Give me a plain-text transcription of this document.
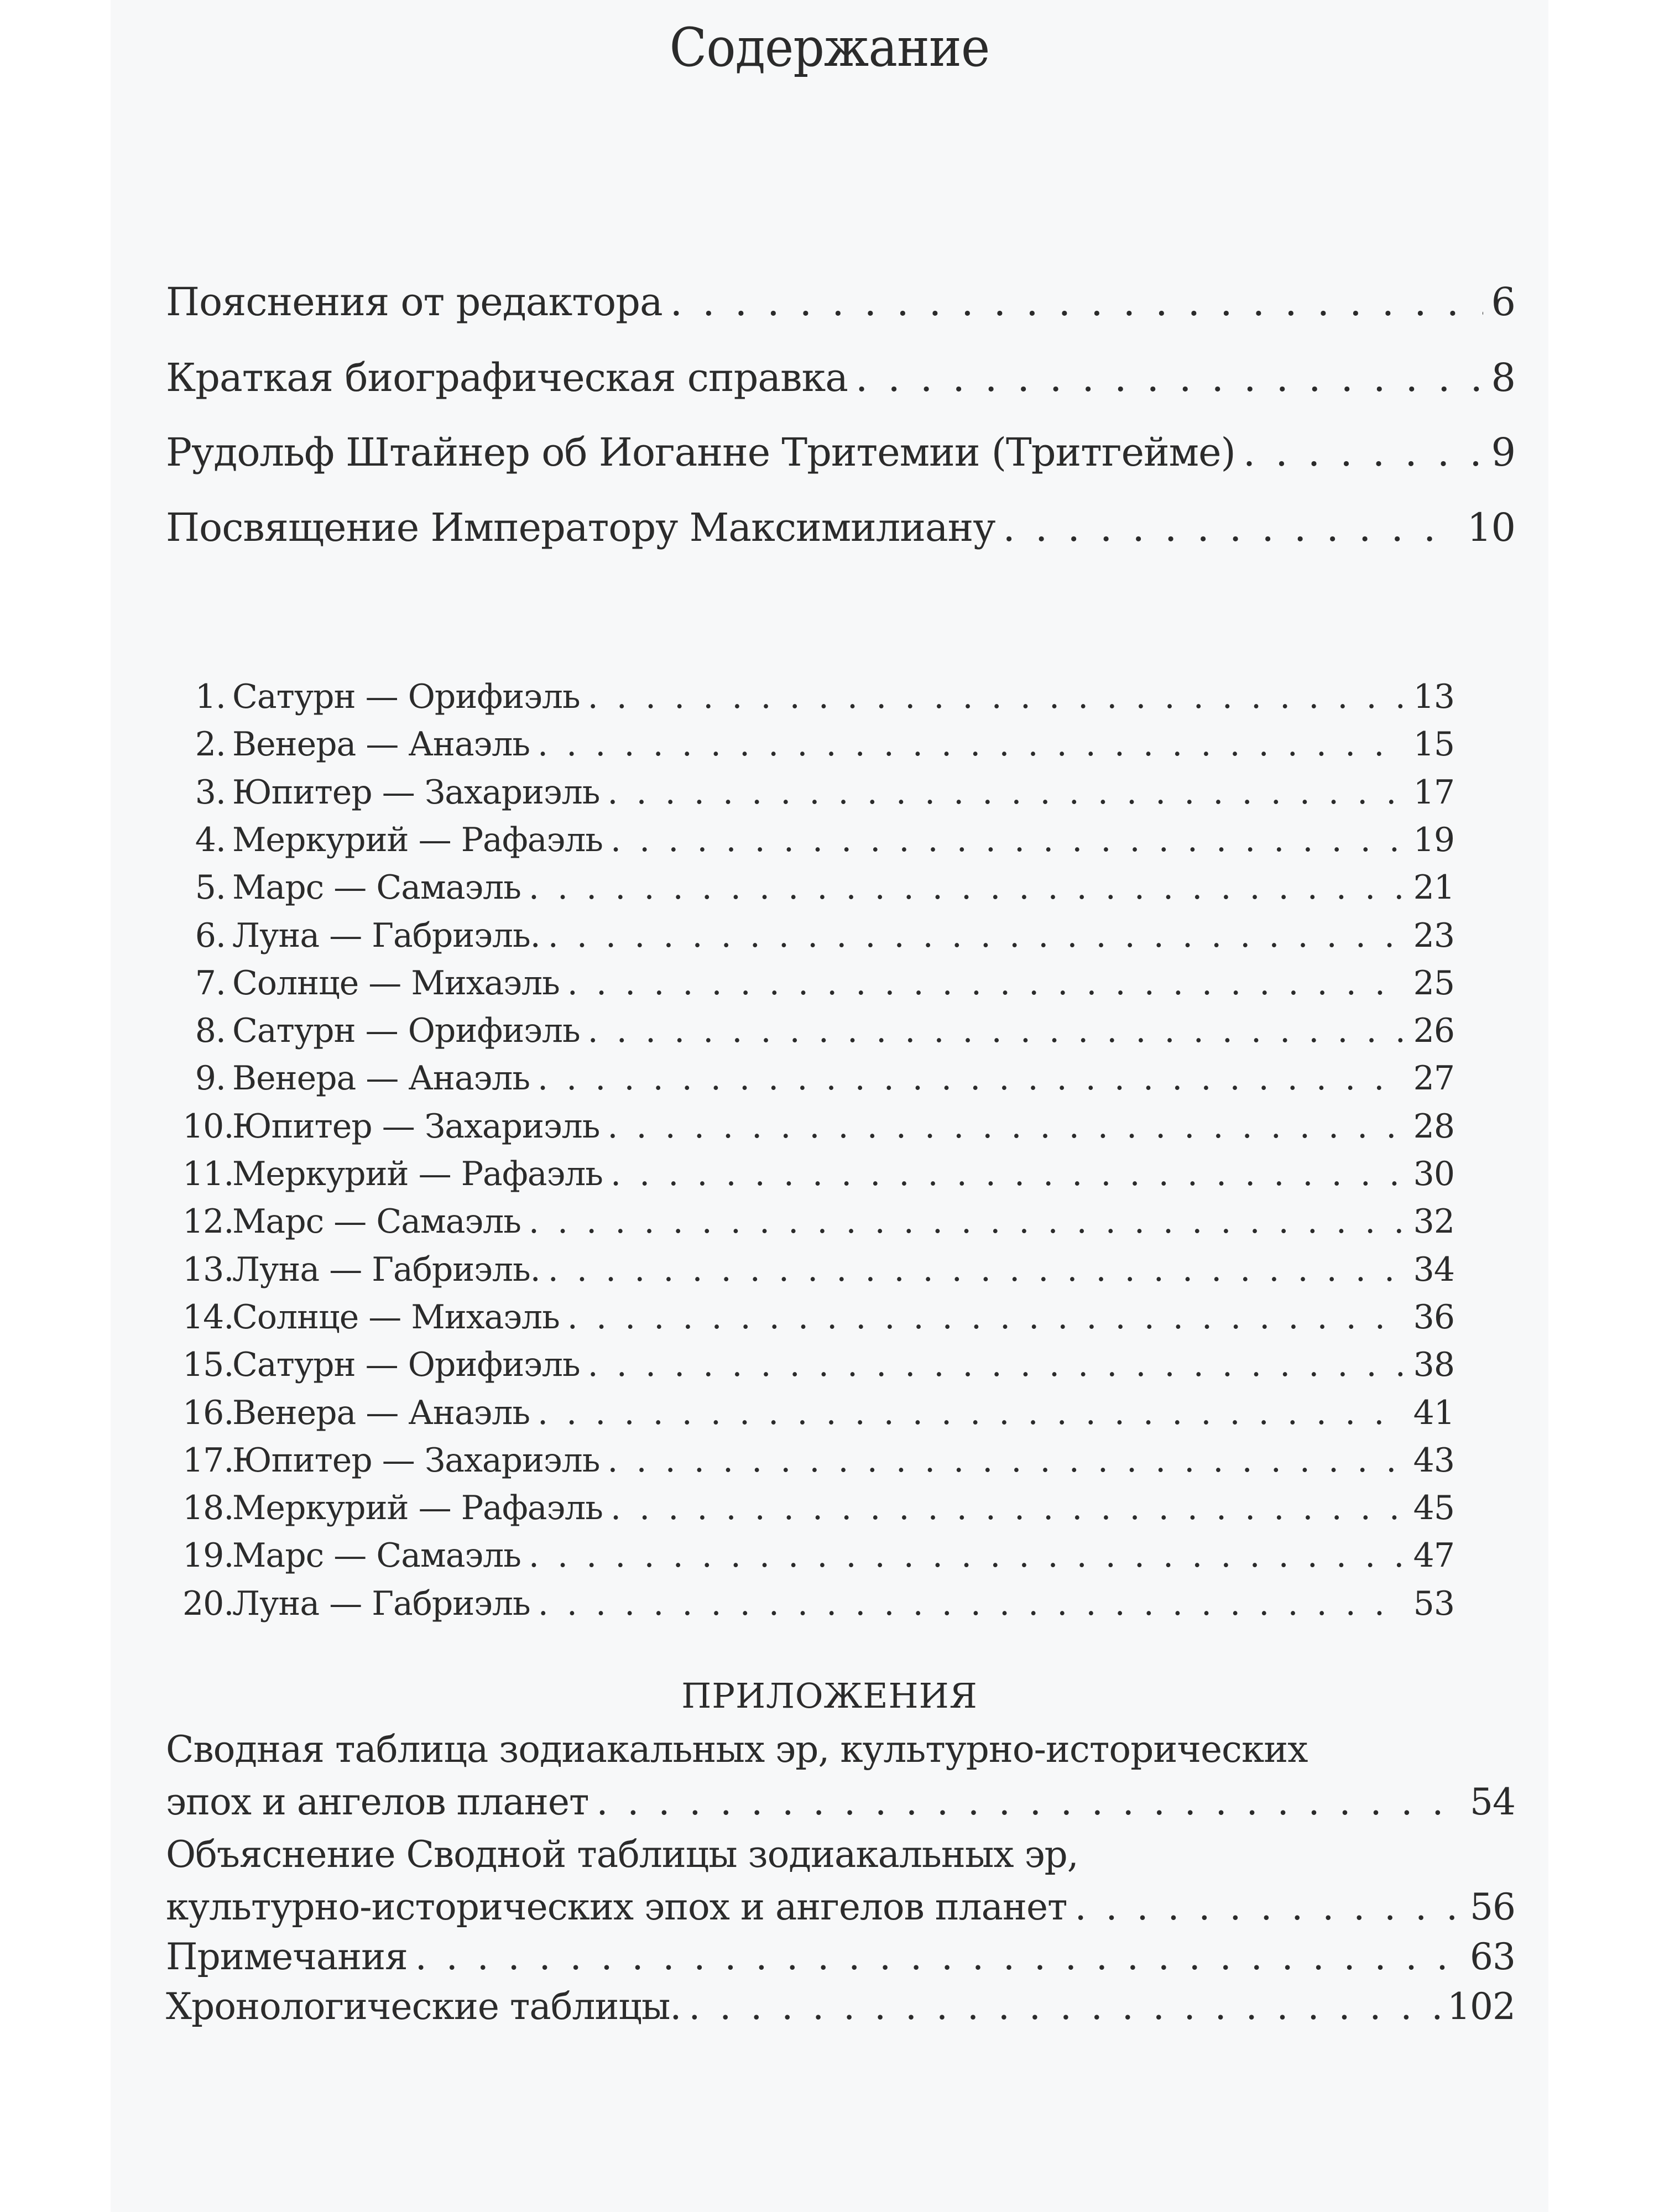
Содержание
Пояснения от редактора . . .	6
Краткая биографическая справка . . .	8
Рудольф Штайнер об Иоганне Тритемии (Тритгейме) . . .	9
Посвящение Императору Максимилиану . . .	10
1. Сатурн — Орифиэль . . .	13
2. Венера — Анаэль . . .	15
3. Юпитер — Захариэль . . .	17
4. Меркурий — Рафаэль . . .	19
5. Марс — Самаэль . . .	21
6. Луна — Габриэль. . . .	23
7. Солнце — Михаэль . . .	25
8. Сатурн — Орифиэль . . .	26
9. Венера — Анаэль . . .	27
10.Юпитер — Захариэль . . .	28
11.Меркурий — Рафаэль . . .	30
12.Марс — Самаэль . . .	32
13.Луна — Габриэль. . . .	34
14.Солнце — Михаэль . . .	36
15.Сатурн — Орифиэль . . .	38
16.Венера — Анаэль . . .	41
17.Юпитер — Захариэль . . .	43
18.Меркурий — Рафаэль . . .	45
19.Марс — Самаэль . . .	47
20.Луна — Габриэль . . .	53
ПРИЛОЖЕНИЯ
Сводная таблица зодиакальных эр, культурно-исторических
эпох и ангелов планет . . .	54
Объяснение Сводной таблицы зодиакальных эр,
культурно-исторических эпох и ангелов планет . . .	56
Примечания . . .	63
Хронологические таблицы. . . .	102
